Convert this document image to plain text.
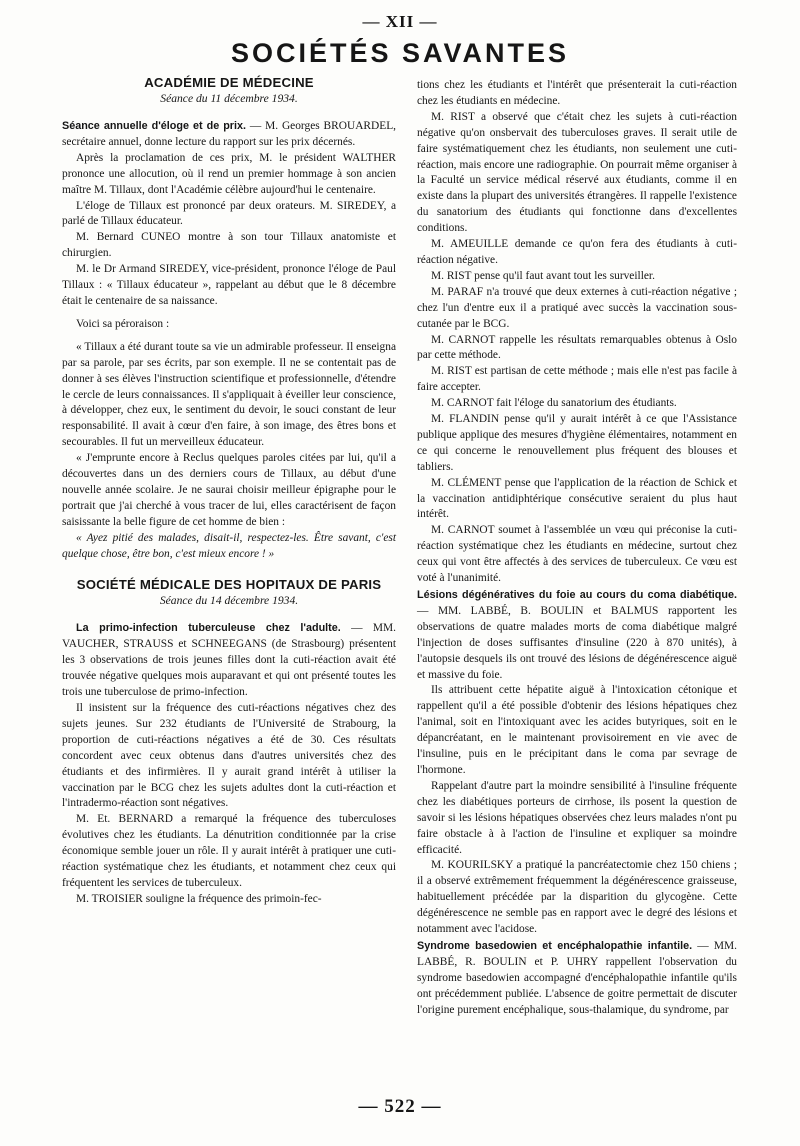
— XII —
SOCIÉTÉS SAVANTES
ACADÉMIE DE MÉDECINE
Séance du 11 décembre 1934.

Séance annuelle d'éloge et de prix. — M. Georges BROUARDEL, secrétaire annuel, donne lecture du rapport sur les prix décernés.

Après la proclamation de ces prix, M. le président WALTHER prononce une allocution, où il rend un premier hommage à son ancien maître M. Tillaux, dont l'Académie célèbre aujourd'hui le centenaire.

L'éloge de Tillaux est prononcé par deux orateurs. M. SIREDEY, a parlé de Tillaux éducateur.

M. Bernard CUNEO montre à son tour Tillaux anatomiste et chirurgien.

M. le Dr Armand SIREDEY, vice-président, prononce l'éloge de Paul Tillaux : « Tillaux éducateur », rappelant au début que le 8 décembre était le centenaire de sa naissance.

Voici sa péroraison :

« Tillaux a été durant toute sa vie un admirable professeur. Il enseigna par sa parole, par ses écrits, par son exemple. Il ne se contentait pas de donner à ses élèves l'instruction scientifique et professionnelle, d'étendre le cercle de leurs connaissances. Il s'appliquait à éveiller leur conscience, à développer, chez eux, le sentiment du devoir, le souci constant de leur responsabilité. Il avait à cœur d'en faire, à son image, des êtres bons et secourables. Il fut un merveilleux éducateur.

« J'emprunte encore à Reclus quelques paroles citées par lui, qu'il a découvertes dans un des derniers cours de Tillaux, au début d'une nouvelle année scolaire. Je ne saurai choisir meilleur épigraphe pour le portrait que j'ai cherché à vous tracer de lui, elles caractérisent de façon saisissante la belle figure de cet homme de bien :

« Ayez pitié des malades, disait-il, respectez-les. Être savant, c'est quelque chose, être bon, c'est mieux encore ! »

SOCIÉTÉ MÉDICALE DES HOPITAUX DE PARIS
Séance du 14 décembre 1934.

La primo-infection tuberculeuse chez l'adulte. — MM. VAUCHER, STRAUSS et SCHNEEGANS (de Strasbourg) présentent les 3 observations de trois jeunes filles dont la cuti-réaction avait été trouvée négative quelques mois auparavant et qui ont présenté toutes les trois une tuberculose de primo-infection.

Il insistent sur la fréquence des cuti-réactions négatives chez des sujets jeunes. Sur 232 étudiants de l'Université de Strabourg, la proportion de cuti-réactions négatives a été de 30. Ces résultats concordent avec ceux obtenus dans d'autres universités chez des étudiants et des infirmières. Il y aurait grand intérêt à utiliser la vaccination par le BCG chez les sujets adultes dont la cuti-réaction et l'intradermo-réaction sont négatives.

M. Et. BERNARD a remarqué la fréquence des tuberculoses évolutives chez les étudiants. La dénutrition conditionnée par la crise économique semble jouer un rôle. Il y aurait intérêt à pratiquer une cuti-réaction systématique chez les étudiants, et notamment chez ceux qui fréquentent les services de tuberculeux.

M. TROISIER souligne la fréquence des primoin-fec-

tions chez les étudiants et l'intérêt que présenterait la cuti-réaction chez les étudiants en médecine.

M. RIST a observé que c'était chez les sujets à cuti-réaction négative qu'on onsbervait des tuberculoses graves. Il serait utile de faire systématiquement chez les étudiants, non seulement une cuti-réaction, mais encore une radiographie. On pourrait même organiser à la Faculté un service médical réservé aux étudiants, comme il en existe dans la plupart des universités étrangères. Il rappelle l'existence du sanatorium des étudiants qui fonctionne dans d'excellentes conditions.

M. AMEUILLE demande ce qu'on fera des étudiants à cuti-réaction négative.

M. RIST pense qu'il faut avant tout les surveiller.

M. PARAF n'a trouvé que deux externes à cuti-réaction négative ; chez l'un d'entre eux il a pratiqué avec succès la vaccination sous-cutanée par le BCG.

M. CARNOT rappelle les résultats remarquables obtenus à Oslo par cette méthode.

M. RIST est partisan de cette méthode ; mais elle n'est pas facile à faire accepter.

M. CARNOT fait l'éloge du sanatorium des étudiants.

M. FLANDIN pense qu'il y aurait intérêt à ce que l'Assistance publique applique des mesures d'hygiène élémentaires, notamment en ce qui concerne le renouvellement plus fréquent des blouses et tabliers.

M. CLÉMENT pense que l'application de la réaction de Schick et la vaccination antidiphtérique consécutive seraient du plus haut intérêt.

M. CARNOT soumet à l'assemblée un vœu qui préconise la cuti-réaction systématique chez les étudiants en médecine, surtout chez ceux qui vont être affectés à des services de tuberculeux. Ce vœu est voté à l'unanimité.

Lésions dégénératives du foie au cours du coma diabétique. — MM. LABBÉ, B. BOULIN et BALMUS rapportent les observations de quatre malades morts de coma diabétique malgré l'injection de doses suffisantes d'insuline (220 à 870 unités), à l'autopsie desquels ils ont trouvé des lésions de dégénérescence aiguë et massive du foie.

Ils attribuent cette hépatite aiguë à l'intoxication cétonique et rappellent qu'il a été possible d'obtenir des lésions hépatiques chez l'animal, soit en l'intoxiquant avec les acides butyriques, soit en le dépancréatant, en le maintenant provisoirement en vie avec de l'insuline, puis en le précipitant dans le coma par sevrage de l'hormone.

Rappelant d'autre part la moindre sensibilité à l'insuline fréquente chez les diabétiques porteurs de cirrhose, ils posent la question de savoir si les lésions hépatiques observées chez leurs malades n'ont pu faire obstacle à à l'action de l'insuline et expliquer sa moindre efficacité.

M. KOURILSKY a pratiqué la pancréatectomie chez 150 chiens ; il a observé extrêmement fréquemment la dégénérescence graisseuse, habituellement précédée par la disparition du glycogène. Cette dégénérescence ne semble pas en rapport avec le degré des lésions et notamment avec l'acidose.

Syndrome basedowien et encéphalopathie infantile. — MM. LABBÉ, R. BOULIN et P. UHRY rappellent l'observation du syndrome basedowien accompagné d'encéphalopathie infantile qu'ils ont précédemment publiée. L'absence de goitre permettait de discuter l'origine purement encéphalique, sous-thalamique, du syndrome, par

— 522 —
